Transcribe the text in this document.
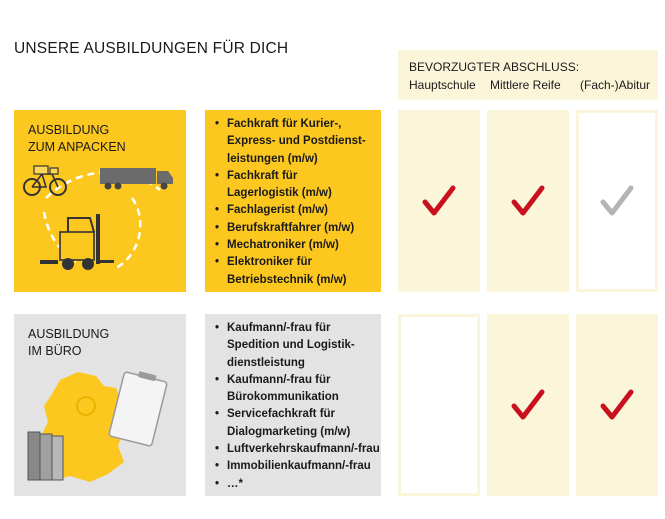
UNSERE AUSBILDUNGEN FÜR DICH
BEVORZUGTER ABSCHLUSS:
Hauptschule Mittlere Reife (Fach-)Abitur
AUSBILDUNG
ZUM ANPACKEN
• Fachkraft für Kurier-,
Express- und Postdienst-
leistungen (m/w)
• Fachkraft für
Lagerlogistik (m/w)
• Fachlagerist (m/w)
• Berufskraftfahrer (m/w)
• Mechatroniker (m/w)
• Elektroniker für
Betriebstechnik (m/w)
AUSBILDUNG
IM BÜRO
• Kaufmann/-frau für
Spedition und Logistik-
dienstleistung
• Kaufmann/-frau für
Bürokommunikation
• Servicefachkraft für
Dialogmarketing (m/w)
• Luftverkehrskaufmann/-frau
• Immobilienkaufmann/-frau
• …*
